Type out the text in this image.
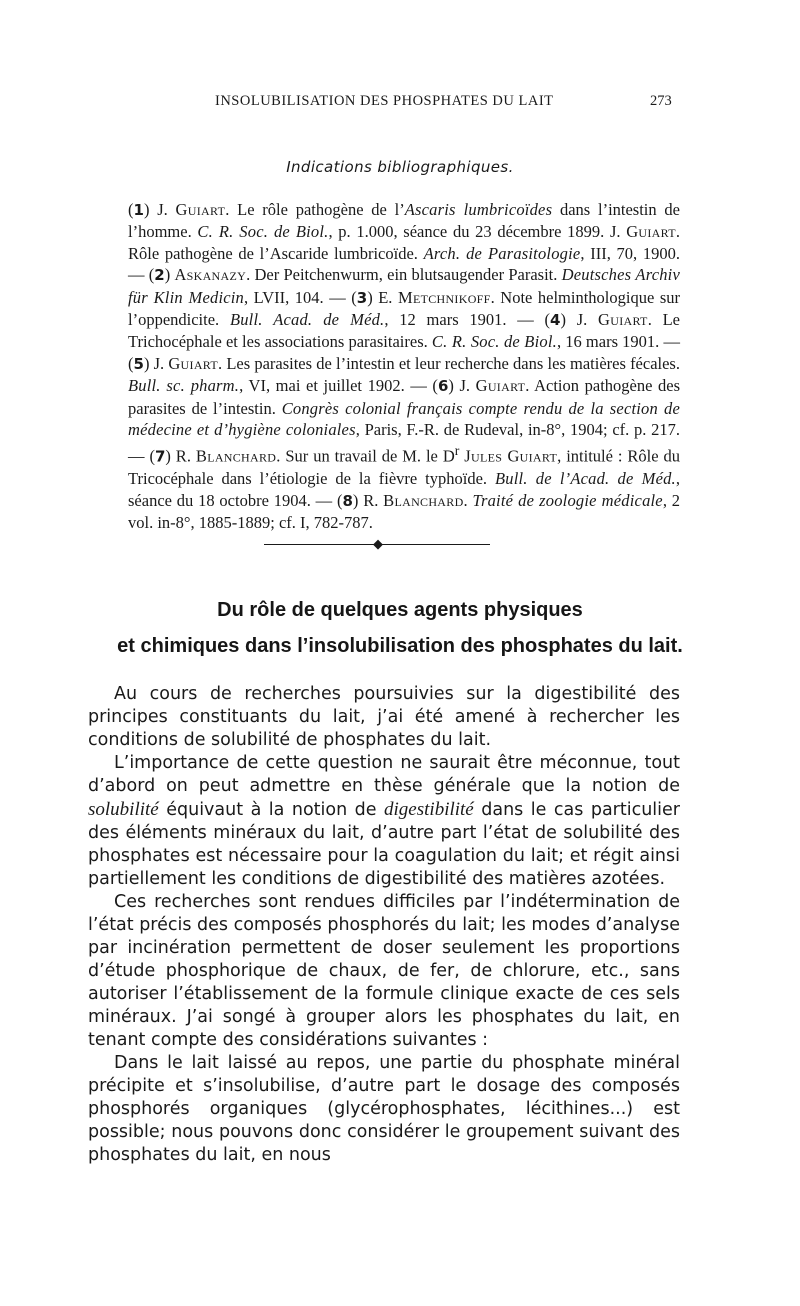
INSOLUBILISATION DES PHOSPHATES DU LAIT	273
Indications bibliographiques.
(1) J. Guiart. Le rôle pathogène de l’Ascaris lumbricoïdes dans l’intestin de l’homme. C. R. Soc. de Biol., p. 1.000, séance du 23 décembre 1899. J. Guiart. Rôle pathogène de l’Ascaride lumbricoïde. Arch. de Parasitologie, III, 70, 1900. — (2) Askanazy. Der Peitchenwurm, ein blutsaugender Parasit. Deutsches Archiv für Klin Medicin, LVII, 104. — (3) E. Metchnikoff. Note helminthologique sur l’oppendicite. Bull. Acad. de Méd., 12 mars 1901. — (4) J. Guiart. Le Trichocéphale et les associations parasitaires. C. R. Soc. de Biol., 16 mars 1901. — (5) J. Guiart. Les parasites de l’intestin et leur recherche dans les matières fécales. Bull. sc. pharm., VI, mai et juillet 1902. — (6) J. Guiart. Action pathogène des parasites de l’intestin. Congrès colonial français compte rendu de la section de médecine et d’hygiène coloniales, Paris, F.-R. de Rudeval, in-8°, 1904; cf. p. 217. — (7) R. Blanchard. Sur un travail de M. le $D^r$ Jules Guiart, intitulé : Rôle du Tricocéphale dans l’étiologie de la fièvre typhoïde. Bull. de l’Acad. de Méd., séance du 18 octobre 1904. — (8) R. Blanchard. Traité de zoologie médicale, 2 vol. in-8°, 1885-1889; cf. I, 782-787.
◆
Du rôle de quelques agents physiques
et chimiques dans l’insolubilisation des phosphates du lait.

Au cours de recherches poursuivies sur la digestibilité des principes constituants du lait, j’ai été amené à rechercher les conditions de solubilité de phosphates du lait.

L’importance de cette question ne saurait être méconnue, tout d’abord on peut admettre en thèse générale que la notion de solubilité équivaut à la notion de digestibilité dans le cas particulier des éléments minéraux du lait, d’autre part l’état de solubilité des phosphates est nécessaire pour la coagulation du lait; et régit ainsi partiellement les conditions de digestibilité des matières azotées.

Ces recherches sont rendues difficiles par l’indétermination de l’état précis des composés phosphorés du lait; les modes d’analyse par incinération permettent de doser seulement les proportions d’étude phosphorique de chaux, de fer, de chlorure, etc., sans autoriser l’établissement de la formule clinique exacte de ces sels minéraux. J’ai songé à grouper alors les phosphates du lait, en tenant compte des considérations suivantes :

Dans le lait laissé au repos, une partie du phosphate minéral précipite et s’insolubilise, d’autre part le dosage des composés phosphorés organiques (glycérophosphates, lécithines...) est possible; nous pouvons donc considérer le groupement suivant des phosphates du lait, en nous
